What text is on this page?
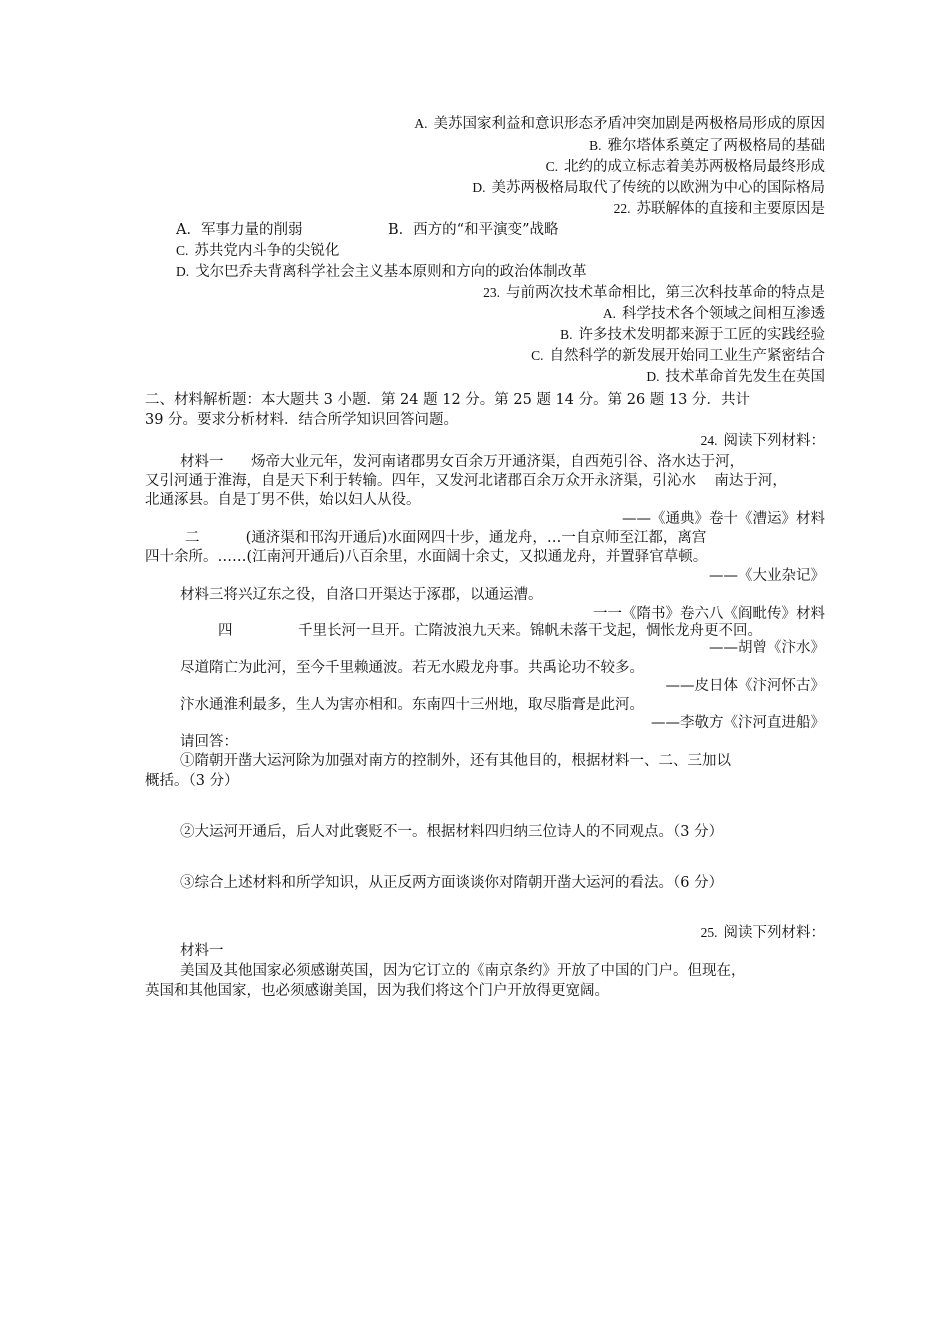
A. 美苏国家利益和意识形态矛盾冲突加剧是两极格局形成的原因
B. 雅尔塔体系奠定了两极格局的基础
C. 北约的成立标志着美苏两极格局最终形成
D. 美苏两极格局取代了传统的以欧洲为中心的国际格局
22. 苏联解体的直接和主要原因是
A．军事力量的削弱	B．西方的“和平演变”战略
C. 苏共党内斗争的尖锐化
D. 戈尔巴乔夫背离科学社会主义基本原则和方向的政治体制改革
23. 与前两次技术革命相比，第三次科技革命的特点是
A. 科学技术各个领域之间相互渗透
B. 许多技术发明都来源于工匠的实践经验
C. 自然科学的新发展开始同工业生产紧密结合
D. 技术革命首先发生在英国
二、材料解析题：本大题共 3 小题．第 24 题 12 分。第 25 题 14 分。第 26 题 13 分．共计
39 分。要求分析材料．结合所学知识回答问题。
24. 阅读下列材料：
材料一      炀帝大业元年，发河南诸郡男女百余万开通济渠，自西苑引谷、洛水达于河，
又引河通于淮海，自是天下利于转输。四年，又发河北诸郡百余万众开永济渠，引沁水    南达于河，
北通涿县。自是丁男不供，始以妇人从役。
——《通典》卷十《漕运》材料
二          (通济渠和邗沟开通后)水面网四十步，通龙舟，…一自京师至江都，离宫
四十余所。……(江南河开通后)八百余里，水面阔十余丈，又拟通龙舟，并置驿官草顿。
——《大业杂记》
材料三将兴辽东之役，自洛口开渠达于涿郡，以通运漕。
一一《隋书》卷六八《阎毗传》材料
四	千里长河一旦开。亡隋波浪九天来。锦帆未落干戈起，惆怅龙舟更不回。
——胡曾《汴水》
尽道隋亡为此河，至今千里赖通波。若无水殿龙舟事。共禹论功不较多。
——皮日体《汴河怀古》
汴水通淮利最多，生人为害亦相和。东南四十三州地，取尽脂膏是此河。
——李敬方《汴河直进船》
请回答：
①隋朝开凿大运河除为加强对南方的控制外，还有其他目的，根据材料一、二、三加以
概括。（3 分）
②大运河开通后，后人对此褒贬不一。根据材料四归纳三位诗人的不同观点。（3 分）
③综合上述材料和所学知识，从正反两方面谈谈你对隋朝开凿大运河的看法。（6 分）
25. 阅读下列材料：
材料一
美国及其他国家必须感谢英国，因为它订立的《南京条约》开放了中国的门户。但现在，
英国和其他国家，也必须感谢美国，因为我们将这个门户开放得更宽阔。
